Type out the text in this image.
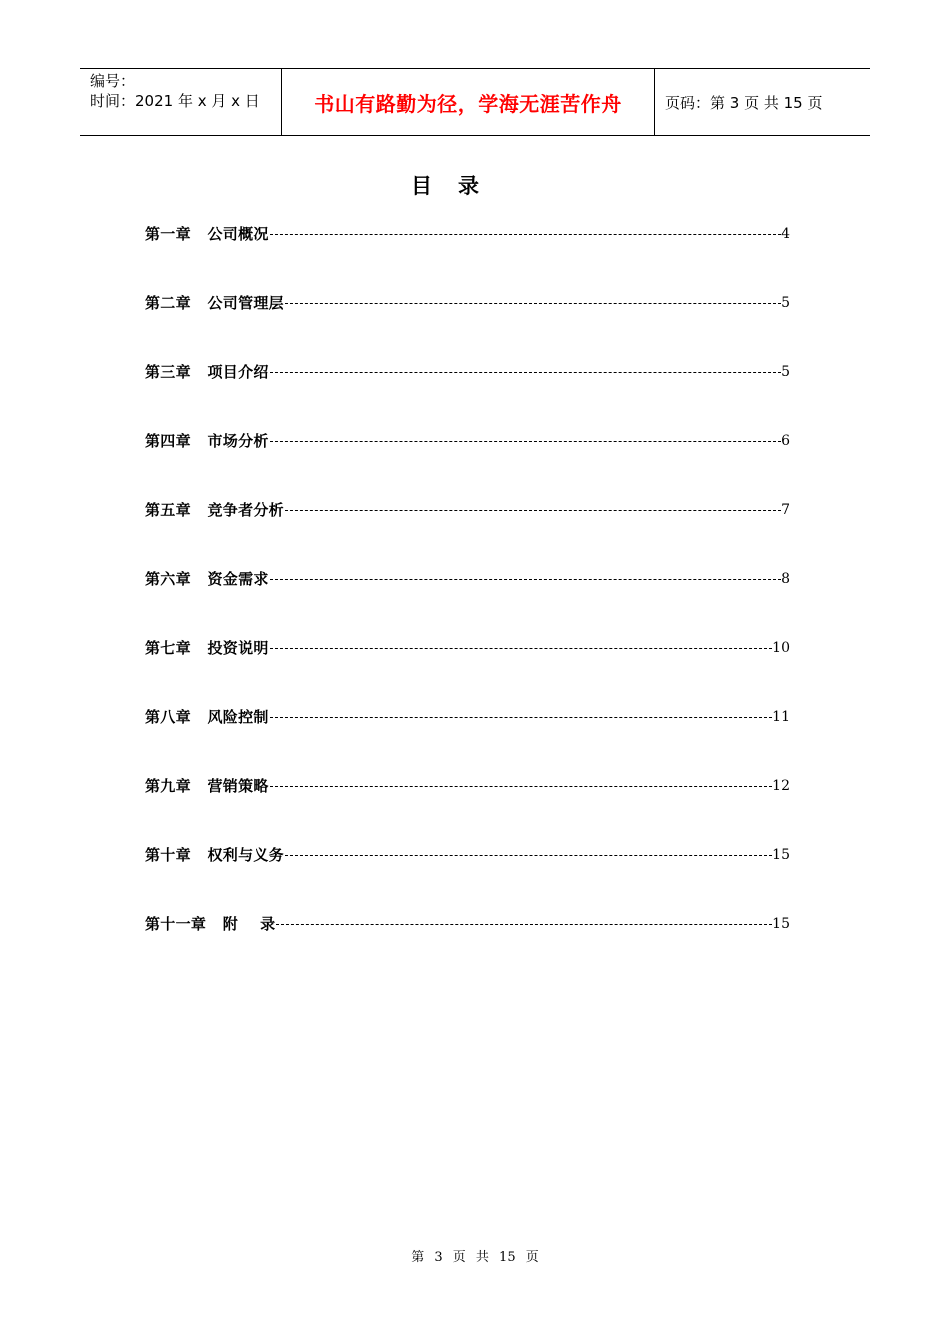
编号：
时间：2021 年 x 月 x 日	书山有路勤为径，学海无涯苦作舟	页码：第 3 页 共 15 页
目录
第一章 公司概况	4
第二章 公司管理层	5
第三章 项目介绍	5
第四章 市场分析	6
第五章 竞争者分析	7
第六章 资金需求	8
第七章 投资说明	10
第八章 风险控制	11
第九章 营销策略	12
第十章 权利与义务	15
第十一章 附    录	15
第 3 页 共 15 页
